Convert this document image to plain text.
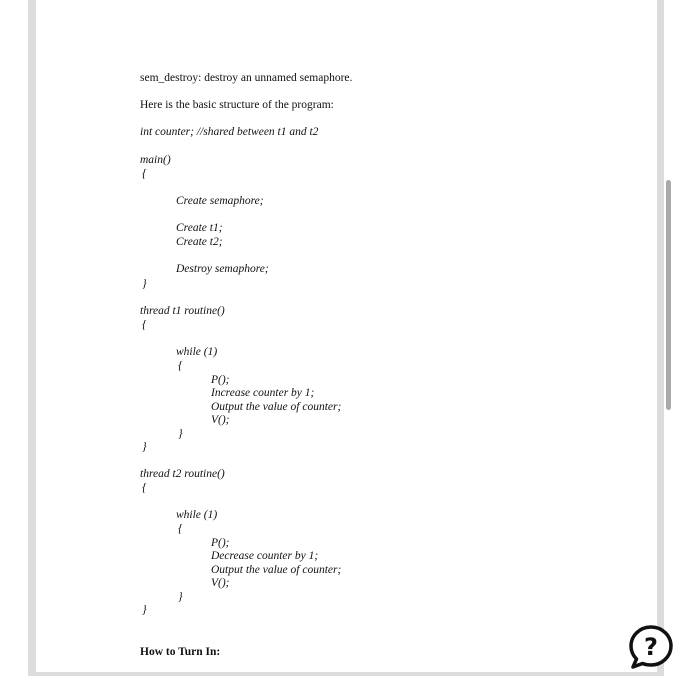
sem_destroy: destroy an unnamed semaphore.
Here is the basic structure of the program:
int counter; //shared between t1 and t2
main()
{
Create semaphore;
Create t1;
Create t2;
Destroy semaphore;
}
thread t1 routine()
{
while (1)
{
P();
Increase counter by 1;
Output the value of counter;
V();
}
}
thread t2 routine()
{
while (1)
{
P();
Decrease counter by 1;
Output the value of counter;
V();
}
}
How to Turn In:	?
